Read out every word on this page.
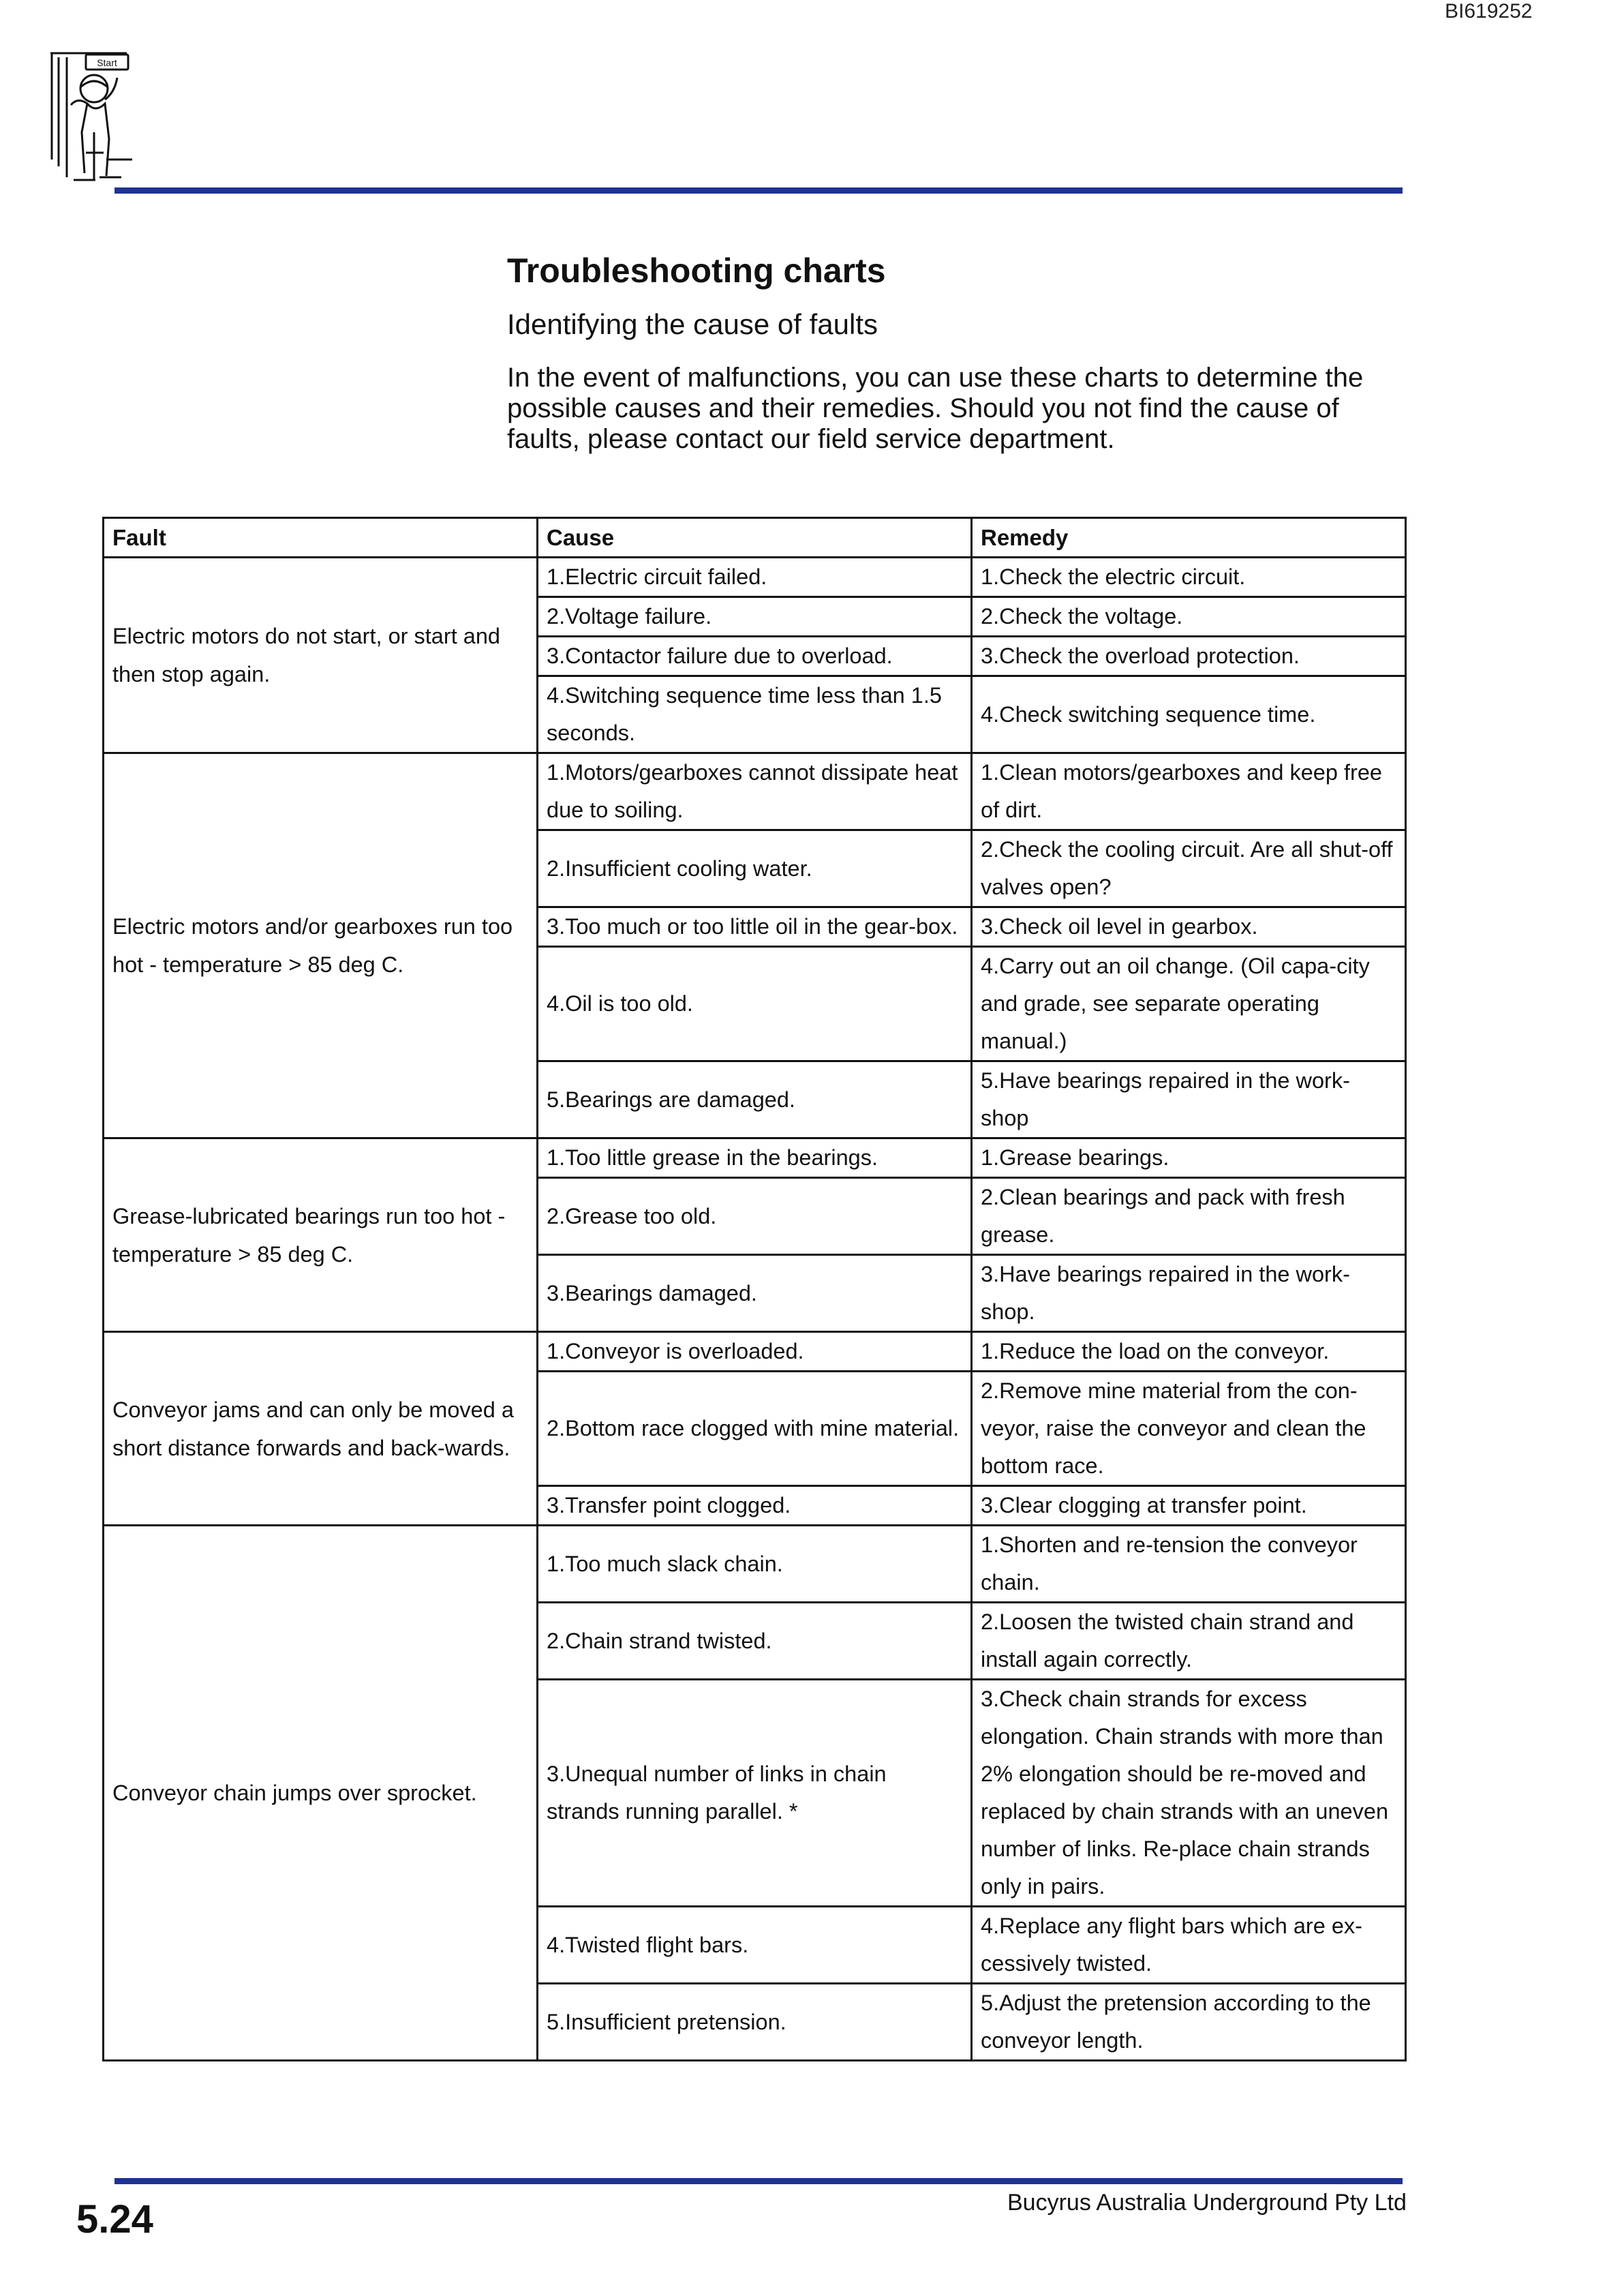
BI619252
Start
Troubleshooting charts
Identifying the cause of faults
In the event of malfunctions, you can use these charts to determine the possible causes and their remedies. Should you not find the cause of faults, please contact our field service department.
Fault	Cause	Remedy
Electric motors do not start, or start and then stop again.	1.Electric circuit failed.	1.Check the electric circuit.
	2.Voltage failure.	2.Check the voltage.
	3.Contactor failure due to overload.	3.Check the overload protection.
	4.Switching sequence time less than 1.5 seconds.	4.Check switching sequence time.
Electric motors and/or gearboxes run too hot - temperature > 85 deg C.	1.Motors/gearboxes cannot dissipate heat due to soiling.	1.Clean motors/gearboxes and keep free of dirt.
	2.Insufficient cooling water.	2.Check the cooling circuit. Are all shut-off valves open?
	3.Too much or too little oil in the gear-box.	3.Check oil level in gearbox.
	4.Oil is too old.	4.Carry out an oil change. (Oil capa-city and grade, see separate operating manual.)
	5.Bearings are damaged.	5.Have bearings repaired in the work-shop
Grease-lubricated bearings run too hot - temperature > 85 deg C.	1.Too little grease in the bearings.	1.Grease bearings.
	2.Grease too old.	2.Clean bearings and pack with fresh grease.
	3.Bearings damaged.	3.Have bearings repaired in the work-shop.
Conveyor jams and can only be moved a short distance forwards and back-wards.	1.Conveyor is overloaded.	1.Reduce the load on the conveyor.
	2.Bottom race clogged with mine material.	2.Remove mine material from the con-veyor, raise the conveyor and clean the bottom race.
	3.Transfer point clogged.	3.Clear clogging at transfer point.
Conveyor chain jumps over sprocket.	1.Too much slack chain.	1.Shorten and re-tension the conveyor chain.
	2.Chain strand twisted.	2.Loosen the twisted chain strand and install again correctly.
	3.Unequal number of links in chain strands running parallel. *	3.Check chain strands for excess elongation. Chain strands with more than 2% elongation should be re-moved and replaced by chain strands with an uneven number of links. Re-place chain strands only in pairs.
	4.Twisted flight bars.	4.Replace any flight bars which are ex-cessively twisted.
	5.Insufficient pretension.	5.Adjust the pretension according to the conveyor length.
5.24	Bucyrus Australia Underground Pty Ltd
